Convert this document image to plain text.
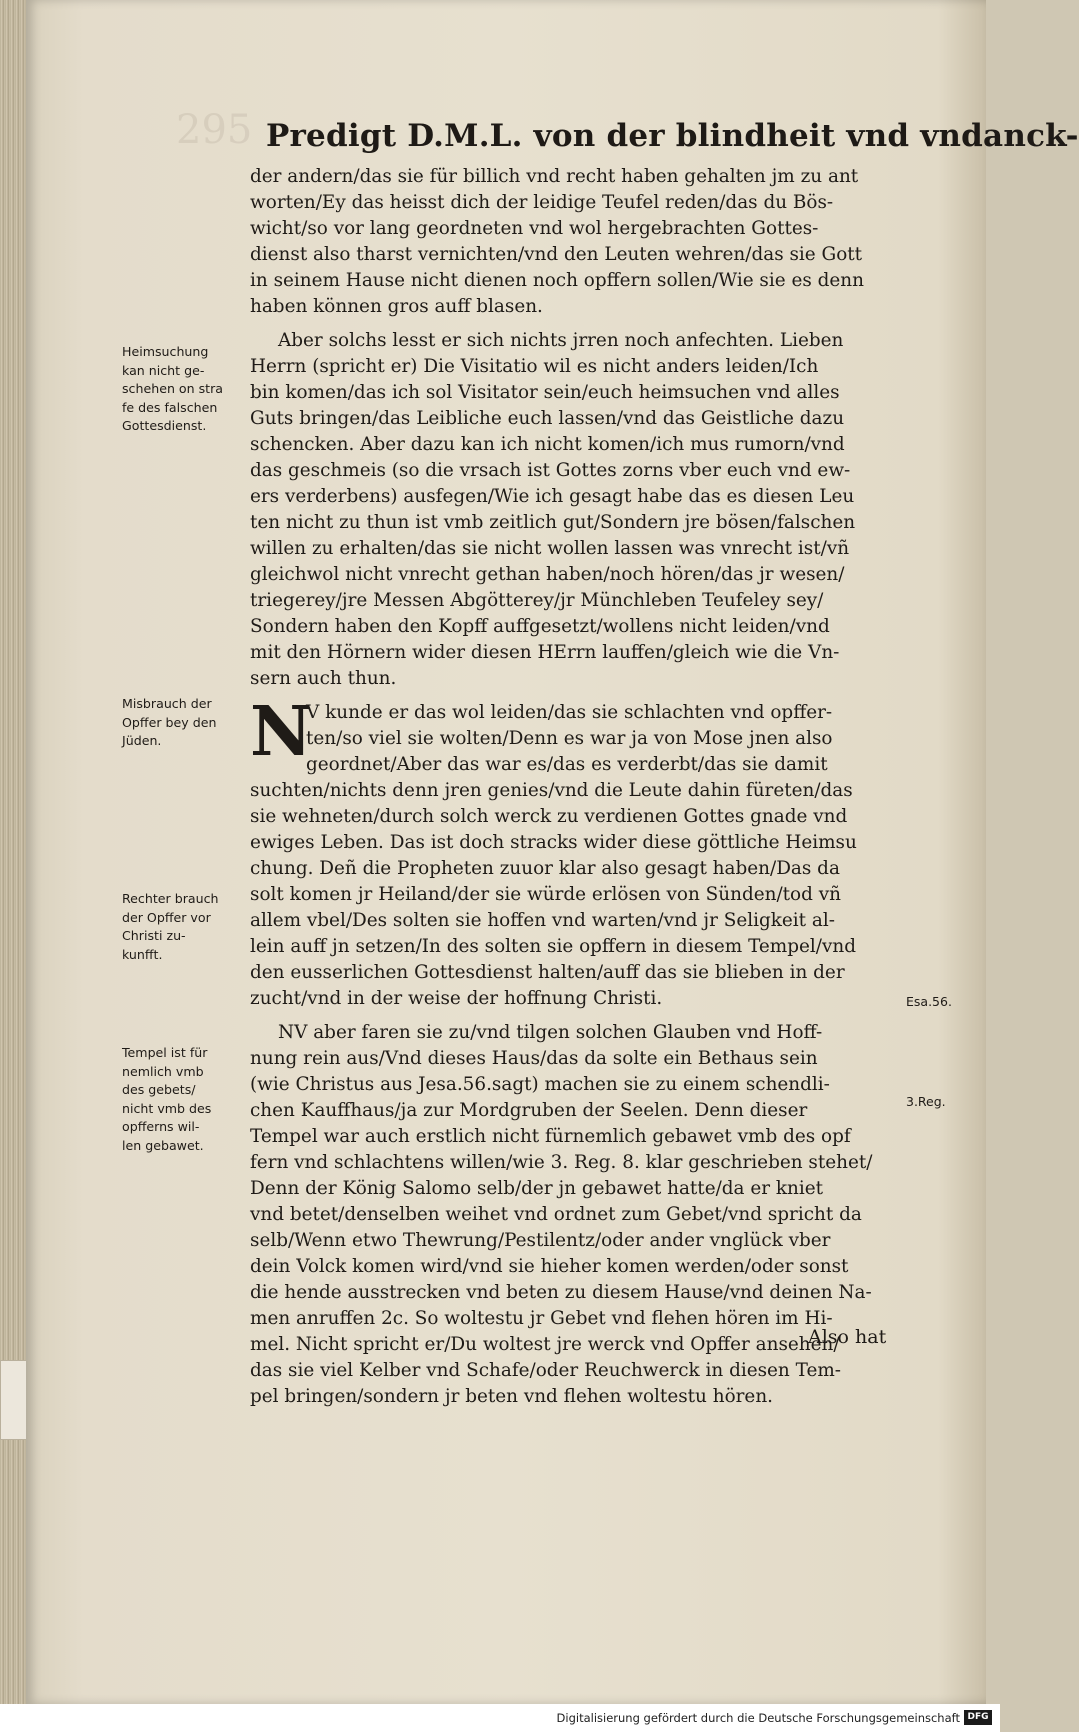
295 Predigt D.M.L. von der blindheit vnd vndanck-
der andern/das sie für billich vnd recht haben gehalten jm zu ant
worten/Ey das heisst dich der leidige Teufel reden/das du Bös-
wicht/so vor lang geordneten vnd wol hergebrachten Gottes-
dienst also tharst vernichten/vnd den Leuten wehren/das sie Gott
in seinem Hause nicht dienen noch opffern sollen/Wie sie es denn
haben können gros auff blasen.
Aber solchs lesst er sich nichts jrren noch anfechten. Lieben
Herrn (spricht er) Die Visitatio wil es nicht anders leiden/Ich
bin komen/das ich sol Visitator sein/euch heimsuchen vnd alles
Guts bringen/das Leibliche euch lassen/vnd das Geistliche dazu
schencken. Aber dazu kan ich nicht komen/ich mus rumorn/vnd
das geschmeis (so die vrsach ist Gottes zorns vber euch vnd ew-
ers verderbens) ausfegen/Wie ich gesagt habe das es diesen Leu
ten nicht zu thun ist vmb zeitlich gut/Sondern jre bösen/falschen
willen zu erhalten/das sie nicht wollen lassen was vnrecht ist/vñ
gleichwol nicht vnrecht gethan haben/noch hören/das jr wesen/
triegerey/jre Messen Abgötterey/jr Münchleben Teufeley sey/
Sondern haben den Kopff auffgesetzt/wollens nicht leiden/vnd
mit den Hörnern wider diesen HErrn lauffen/gleich wie die Vn-
sern auch thun.
N
V kunde er das wol leiden/das sie schlachten vnd opffer-
ten/so viel sie wolten/Denn es war ja von Mose jnen also
geordnet/Aber das war es/das es verderbt/das sie damit
suchten/nichts denn jren genies/vnd die Leute dahin füreten/das
sie wehneten/durch solch werck zu verdienen Gottes gnade vnd
ewiges Leben. Das ist doch stracks wider diese göttliche Heimsu
chung. Deñ die Propheten zuuor klar also gesagt haben/Das da
solt komen jr Heiland/der sie würde erlösen von Sünden/tod vñ
allem vbel/Des solten sie hoffen vnd warten/vnd jr Seligkeit al-
lein auff jn setzen/In des solten sie opffern in diesem Tempel/vnd
den eusserlichen Gottesdienst halten/auff das sie blieben in der
zucht/vnd in der weise der hoffnung Christi.
NV aber faren sie zu/vnd tilgen solchen Glauben vnd Hoff-
nung rein aus/Vnd dieses Haus/das da solte ein Bethaus sein
(wie Christus aus Jesa.56.sagt) machen sie zu einem schendli-
chen Kauffhaus/ja zur Mordgruben der Seelen. Denn dieser
Tempel war auch erstlich nicht fürnemlich gebawet vmb des opf
fern vnd schlachtens willen/wie 3. Reg. 8. klar geschrieben stehet/
Denn der König Salomo selb/der jn gebawet hatte/da er kniet
vnd betet/denselben weihet vnd ordnet zum Gebet/vnd spricht da
selb/Wenn etwo Thewrung/Pestilentz/oder ander vnglück vber
dein Volck komen wird/vnd sie hieher komen werden/oder sonst
die hende ausstrecken vnd beten zu diesem Hause/vnd deinen Na-
men anruffen 2c. So woltestu jr Gebet vnd flehen hören im Hi-
mel. Nicht spricht er/Du woltest jre werck vnd Opffer ansehen/
das sie viel Kelber vnd Schafe/oder Reuchwerck in diesen Tem-
pel bringen/sondern jr beten vnd flehen woltestu hören.
Heimsuchung
kan nicht ge-
schehen on stra
fe des falschen
Gottesdienst.
Misbrauch der
Opffer bey den
Jüden.
Rechter brauch
der Opffer vor
Christi zu-
kunfft.
Tempel ist für
nemlich vmb
des gebets/
nicht vmb des
opfferns wil-
len gebawet.
Esa.56.
3.Reg.
Also hat
Digitalisierung gefördert durch die Deutsche Forschungsgemeinschaft DFG
